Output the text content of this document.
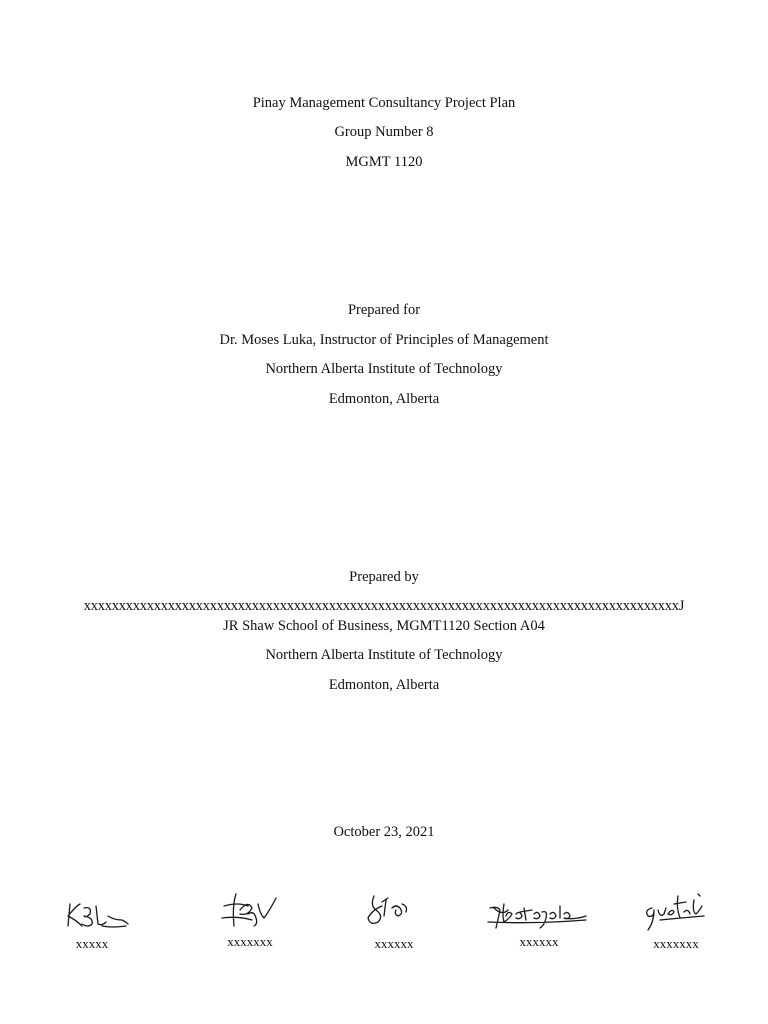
Pinay Management Consultancy Project Plan
Group Number 8
MGMT 1120
Prepared for
Dr. Moses Luka, Instructor of Principles of Management
Northern Alberta Institute of Technology
Edmonton, Alberta
Prepared by
xxxxxxxxxxxxxxxxxxxxxxxxxxxxxxxxxxxxxxxxxxxxxxxxxxxxxxxxxxxxxxxxxxxxxxxxxxxxxxxxxxxxxJ
JR Shaw School of Business, MGMT1120 Section A04
Northern Alberta Institute of Technology
Edmonton, Alberta
October 23, 2021
xxxxx	xxxxxxx	xxxxxx	xxxxxx	xxxxxxx
